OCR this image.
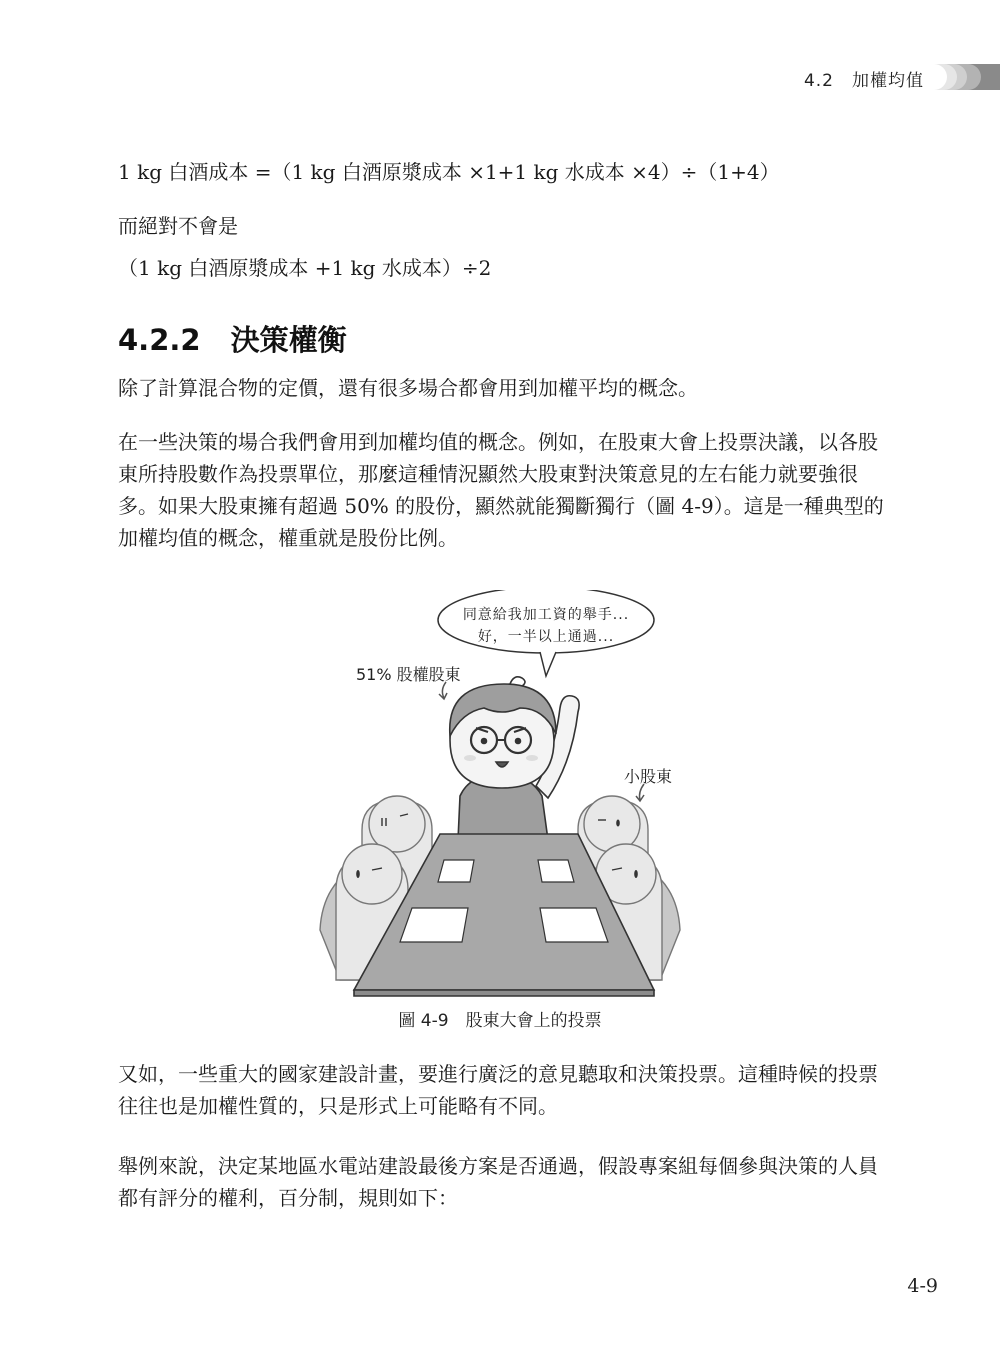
4.2　加權均值

1 kg 白酒成本 =（1 kg 白酒原漿成本 ×1+1 kg 水成本 ×4）÷（1+4）

而絕對不會是

（1 kg 白酒原漿成本 +1 kg 水成本）÷2

4.2.2 決策權衡

除了計算混合物的定價，還有很多場合都會用到加權平均的概念。

在一些決策的場合我們會用到加權均值的概念。例如，在股東大會上投票決議，以各股東所持股數作為投票單位，那麼這種情況顯然大股東對決策意見的左右能力就要強很多。如果大股東擁有超過 50% 的股份，顯然就能獨斷獨行（圖 4-9）。這是一種典型的加權均值的概念，權重就是股份比例。

同意給我加工資的舉手...
好，一半以上通過...
51% 股權股東
小股東
圖 4-9　股東大會上的投票

又如，一些重大的國家建設計畫，要進行廣泛的意見聽取和決策投票。這種時候的投票往往也是加權性質的，只是形式上可能略有不同。

舉例來說，決定某地區水電站建設最後方案是否通過，假設專案組每個參與決策的人員都有評分的權利，百分制，規則如下：

4-9
